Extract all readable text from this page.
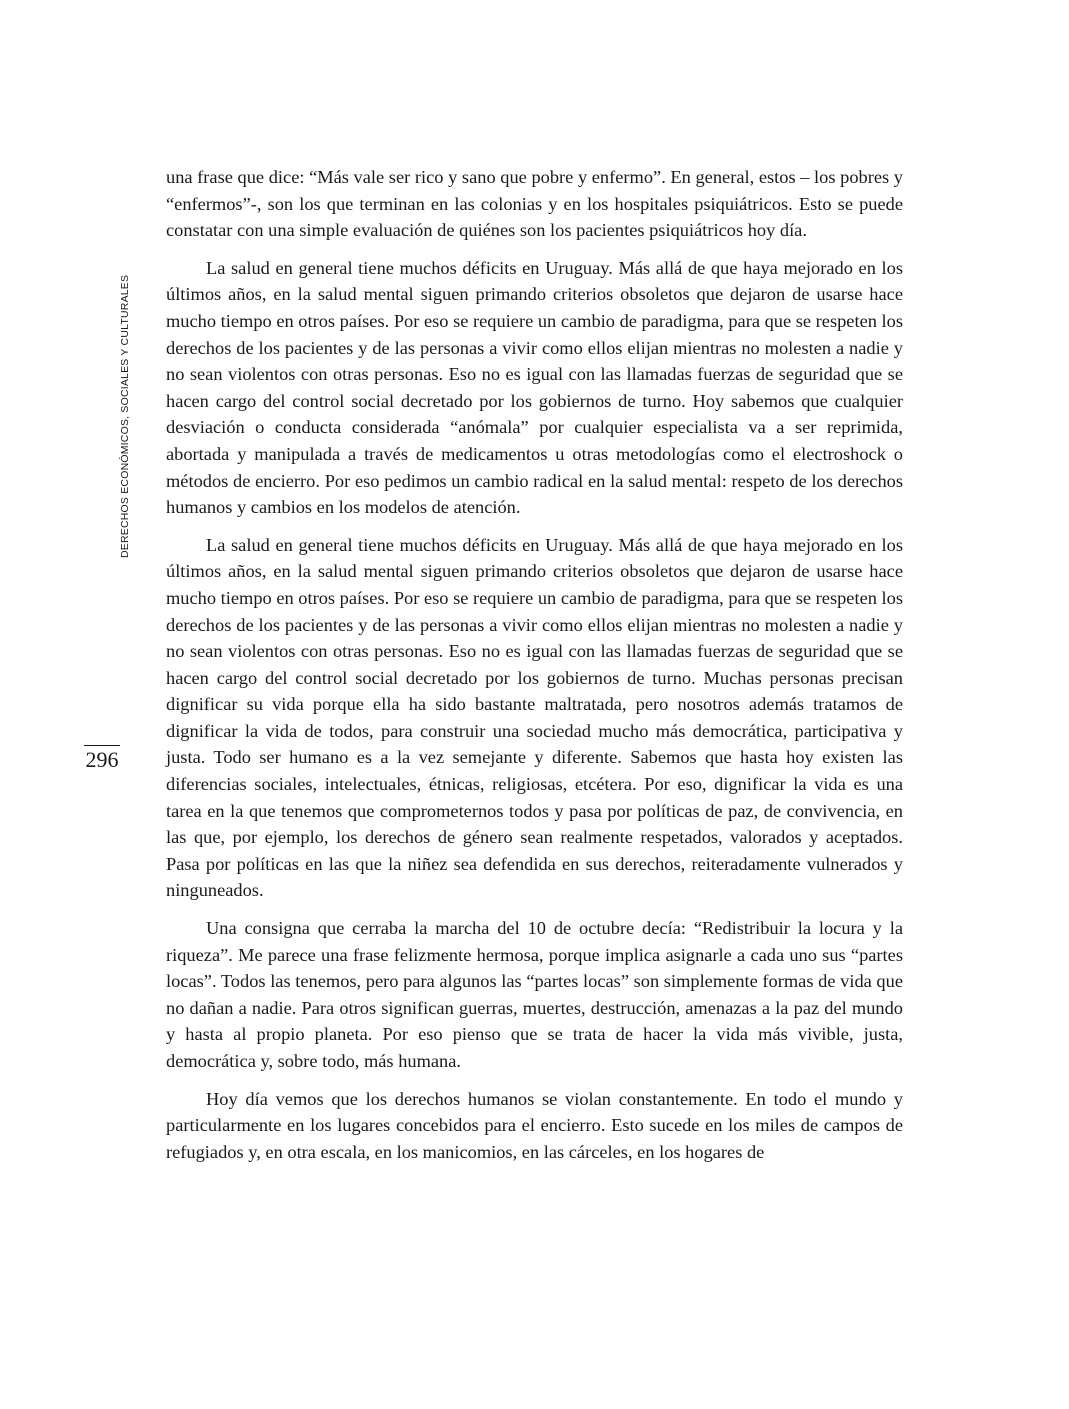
DERECHOS ECONÓMICOS, SOCIALES Y CULTURALES
296

una frase que dice: “Más vale ser rico y sano que pobre y enfermo”. En general, estos – los pobres y “enfermos”-, son los que terminan en las colonias y en los hospitales psiquiátricos. Esto se puede constatar con una simple evaluación de quiénes son los pacientes psiquiátricos hoy día.

La salud en general tiene muchos déficits en Uruguay. Más allá de que haya mejorado en los últimos años, en la salud mental siguen primando criterios obsoletos que dejaron de usarse hace mucho tiempo en otros países. Por eso se requiere un cambio de paradigma, para que se respeten los derechos de los pacientes y de las personas a vivir como ellos elijan mientras no molesten a nadie y no sean violentos con otras personas. Eso no es igual con las llamadas fuerzas de seguridad que se hacen cargo del control social decretado por los gobiernos de turno. Hoy sabemos que cualquier desviación o conducta considerada “anómala” por cualquier especialista va a ser reprimida, abortada y manipulada a través de medicamentos u otras metodologías como el electroshock o métodos de encierro. Por eso pedimos un cambio radical en la salud mental: respeto de los derechos humanos y cambios en los modelos de atención.

La salud en general tiene muchos déficits en Uruguay. Más allá de que haya mejorado en los últimos años, en la salud mental siguen primando criterios obsoletos que dejaron de usarse hace mucho tiempo en otros países. Por eso se requiere un cambio de paradigma, para que se respeten los derechos de los pacientes y de las personas a vivir como ellos elijan mientras no molesten a nadie y no sean violentos con otras personas. Eso no es igual con las llamadas fuerzas de seguridad que se hacen cargo del control social decretado por los gobiernos de turno. Muchas personas precisan dignificar su vida porque ella ha sido bastante maltratada, pero nosotros además tratamos de dignificar la vida de todos, para construir una sociedad mucho más democrática, participativa y justa. Todo ser humano es a la vez semejante y diferente. Sabemos que hasta hoy existen las diferencias sociales, intelectuales, étnicas, religiosas, etcétera. Por eso, dignificar la vida es una tarea en la que tenemos que comprometernos todos y pasa por políticas de paz, de convivencia, en las que, por ejemplo, los derechos de género sean realmente respetados, valorados y aceptados. Pasa por políticas en las que la niñez sea defendida en sus derechos, reiteradamente vulnerados y ninguneados.

Una consigna que cerraba la marcha del 10 de octubre decía: “Redistribuir la locura y la riqueza”. Me parece una frase felizmente hermosa, porque implica asignarle a cada uno sus “partes locas”. Todos las tenemos, pero para algunos las “partes locas” son simplemente formas de vida que no dañan a nadie. Para otros significan guerras, muertes, destrucción, amenazas a la paz del mundo y hasta al propio planeta. Por eso pienso que se trata de hacer la vida más vivible, justa, democrática y, sobre todo, más humana.

Hoy día vemos que los derechos humanos se violan constantemente. En todo el mundo y particularmente en los lugares concebidos para el encierro. Esto sucede en los miles de campos de refugiados y, en otra escala, en los manicomios, en las cárceles, en los hogares de
